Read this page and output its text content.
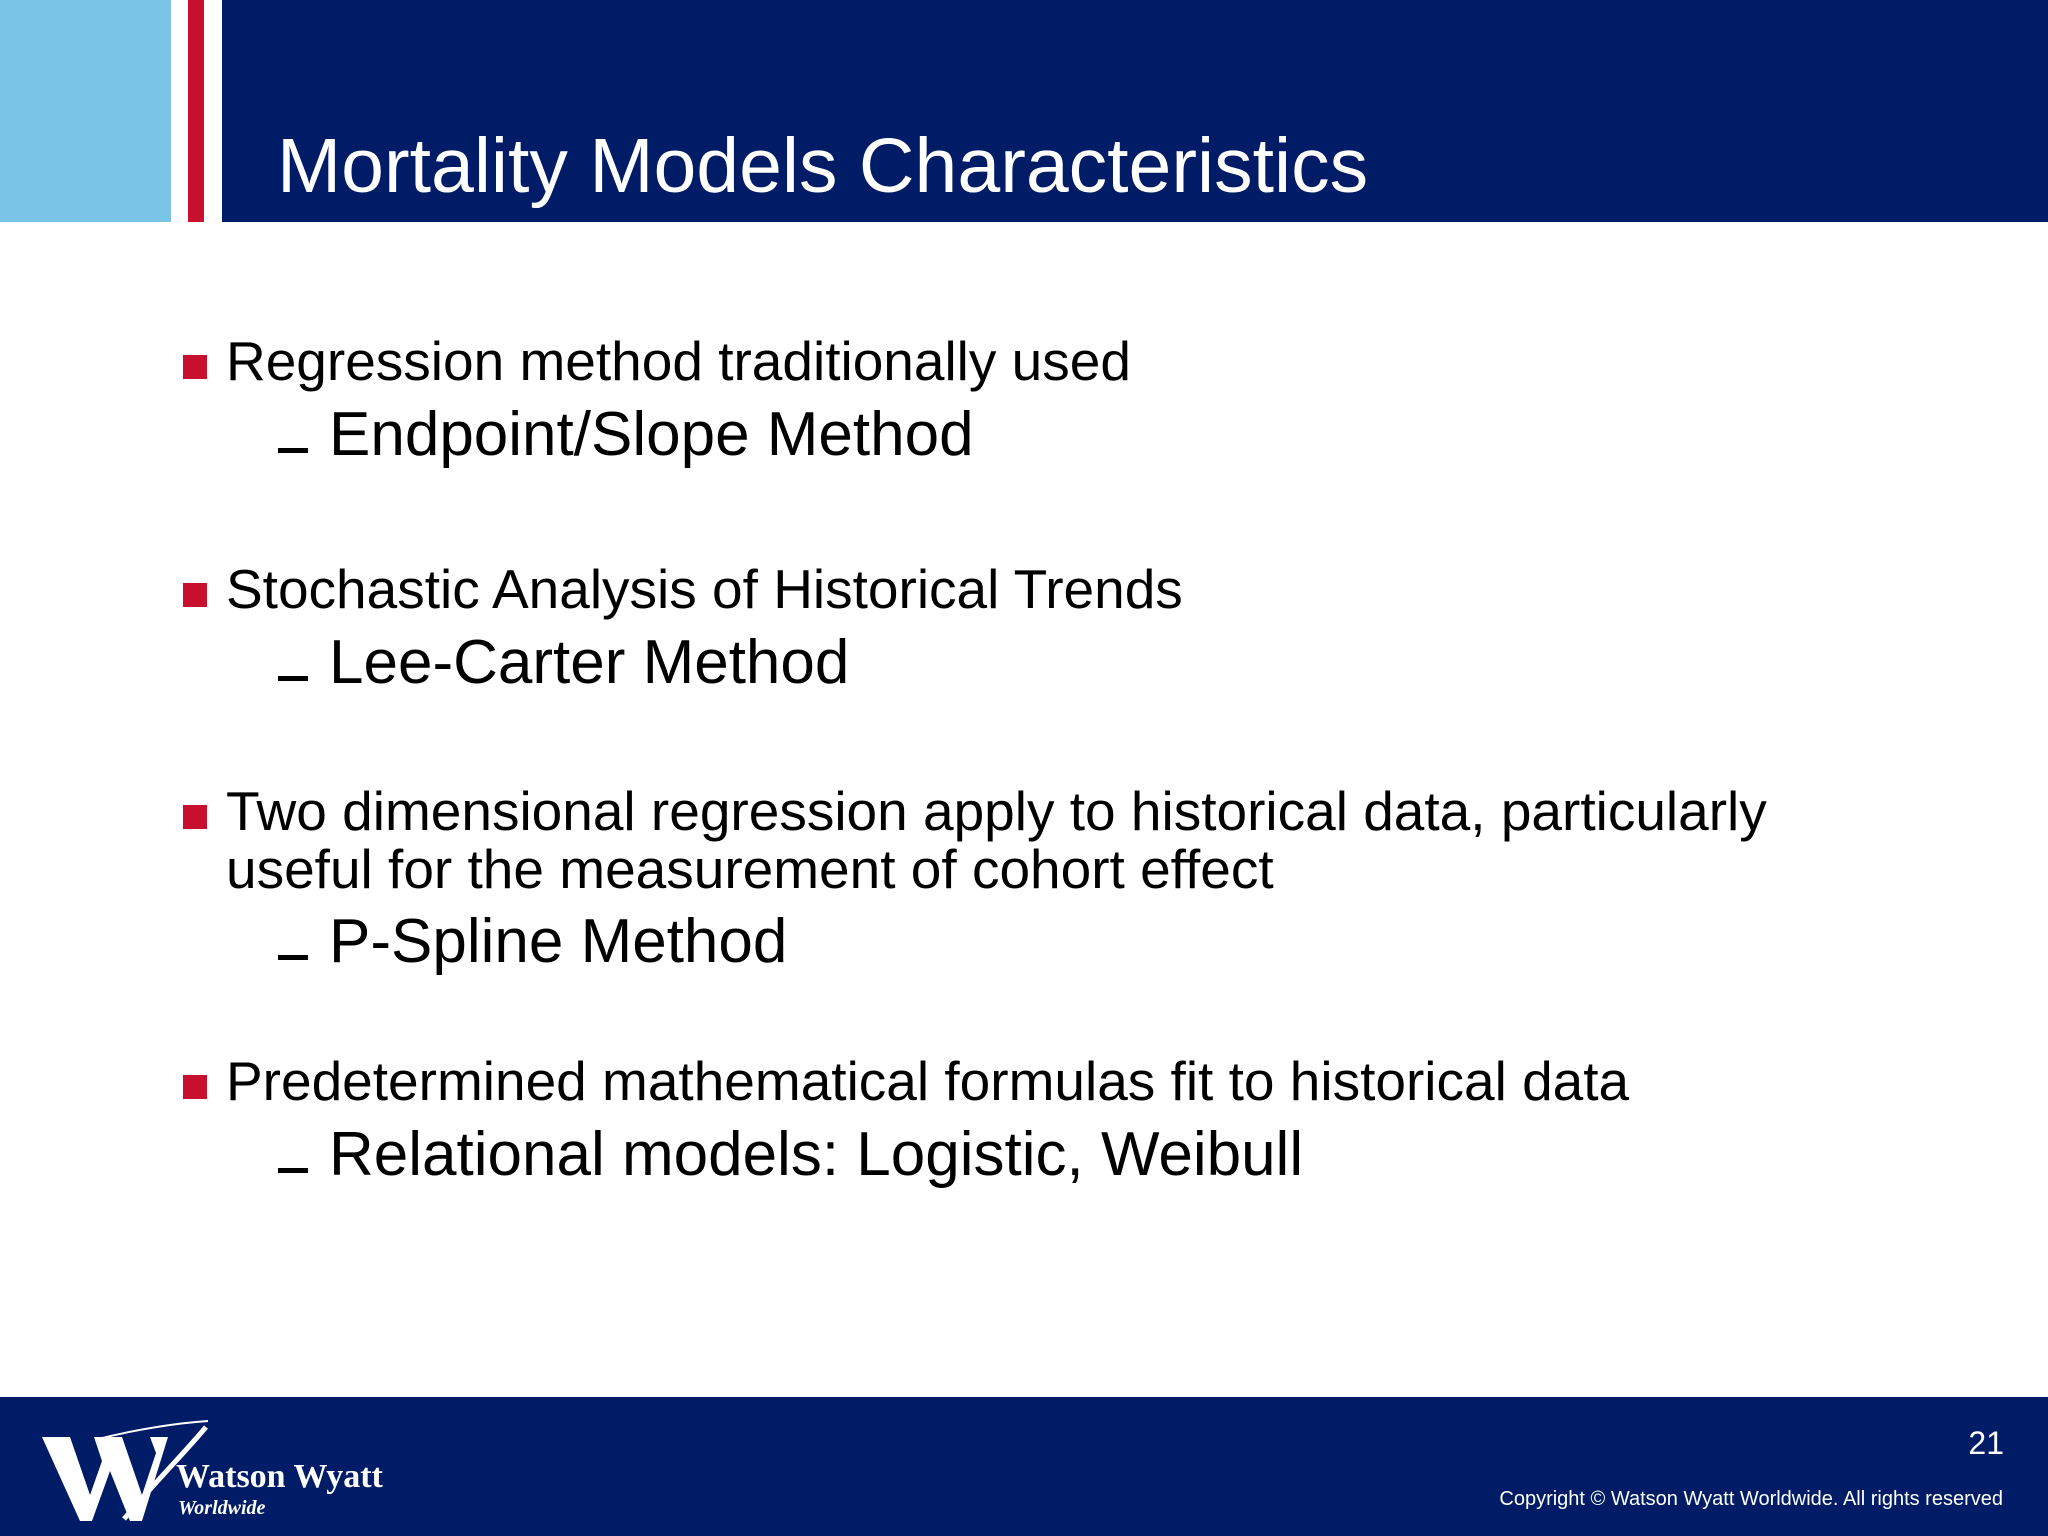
Mortality Models Characteristics

Regression method traditionally used

Endpoint/Slope Method

Stochastic Analysis of Historical Trends

Lee-Carter Method

Two dimensional regression apply to historical data, particularly useful for the measurement of cohort effect

P-Spline Method

Predetermined mathematical formulas fit to historical data

Relational models: Logistic, Weibull

Watson Wyatt
Worldwide
21
Copyright © Watson Wyatt Worldwide. All rights reserved
